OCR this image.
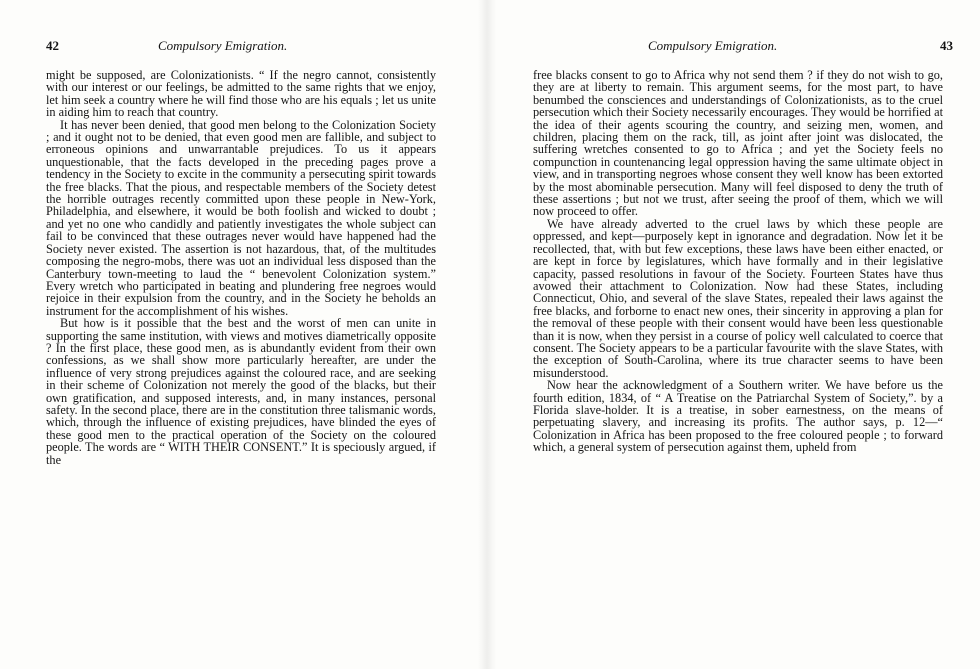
42	Compulsory Emigration.

might be supposed, are Colonizationists. “ If the negro cannot, consistently with our interest or our feelings, be admitted to the same rights that we enjoy, let him seek a country where he will find those who are his equals ; let us unite in aiding him to reach that country.

It has never been denied, that good men belong to the Colonization Society ; and it ought not to be denied, that even good men are fallible, and subject to erroneous opinions and unwarrantable prejudices. To us it appears unquestionable, that the facts developed in the preceding pages prove a tendency in the Society to excite in the community a persecuting spirit towards the free blacks. That the pious, and respectable members of the Society detest the horrible outrages recently committed upon these people in New-York, Philadelphia, and elsewhere, it would be both foolish and wicked to doubt ; and yet no one who candidly and patiently investigates the whole subject can fail to be convinced that these outrages never would have happened had the Society never existed. The assertion is not hazardous, that, of the multitudes composing the negro-mobs, there was uot an individual less disposed than the Canterbury town-meeting to laud the “ benevolent Colonization system.” Every wretch who participated in beating and plundering free negroes would rejoice in their expulsion from the country, and in the Society he beholds an instrument for the accomplishment of his wishes.

But how is it possible that the best and the worst of men can unite in supporting the same institution, with views and motives diametrically opposite ? In the first place, these good men, as is abundantly evident from their own confessions, as we shall show more particularly hereafter, are under the influence of very strong prejudices against the coloured race, and are seeking in their scheme of Colonization not merely the good of the blacks, but their own gratification, and supposed interests, and, in many instances, personal safety. In the second place, there are in the constitution three talismanic words, which, through the influence of existing prejudices, have blinded the eyes of these good men to the practical operation of the Society on the coloured people. The words are “ WITH THEIR CONSENT.” It is speciously argued, if the

Compulsory Emigration.	43

free blacks consent to go to Africa why not send them ? if they do not wish to go, they are at liberty to remain. This argument seems, for the most part, to have benumbed the consciences and understandings of Colonizationists, as to the cruel persecution which their Society necessarily encourages. They would be horrified at the idea of their agents scouring the country, and seizing men, women, and children, placing them on the rack, till, as joint after joint was dislocated, the suffering wretches consented to go to Africa ; and yet the Society feels no compunction in countenancing legal oppression having the same ultimate object in view, and in transporting negroes whose consent they well know has been extorted by the most abominable persecution. Many will feel disposed to deny the truth of these assertions ; but not we trust, after seeing the proof of them, which we will now proceed to offer.

We have already adverted to the cruel laws by which these people are oppressed, and kept—purposely kept in ignorance and degradation. Now let it be recollected, that, with but few exceptions, these laws have been either enacted, or are kept in force by legislatures, which have formally and in their legislative capacity, passed resolutions in favour of the Society. Fourteen States have thus avowed their attachment to Colonization. Now had these States, including Connecticut, Ohio, and several of the slave States, repealed their laws against the free blacks, and forborne to enact new ones, their sincerity in approving a plan for the removal of these people with their consent would have been less questionable than it is now, when they persist in a course of policy well calculated to coerce that consent. The Society appears to be a particular favourite with the slave States, with the exception of South-Carolina, where its true character seems to have been misunderstood.

Now hear the acknowledgment of a Southern writer. We have before us the fourth edition, 1834, of “ A Treatise on the Patriarchal System of Society,”. by a Florida slave-holder. It is a treatise, in sober earnestness, on the means of perpetuating slavery, and increasing its profits. The author says, p. 12—“ Colonization in Africa has been proposed to the free coloured people ; to forward which, a general system of persecution against them, upheld from
